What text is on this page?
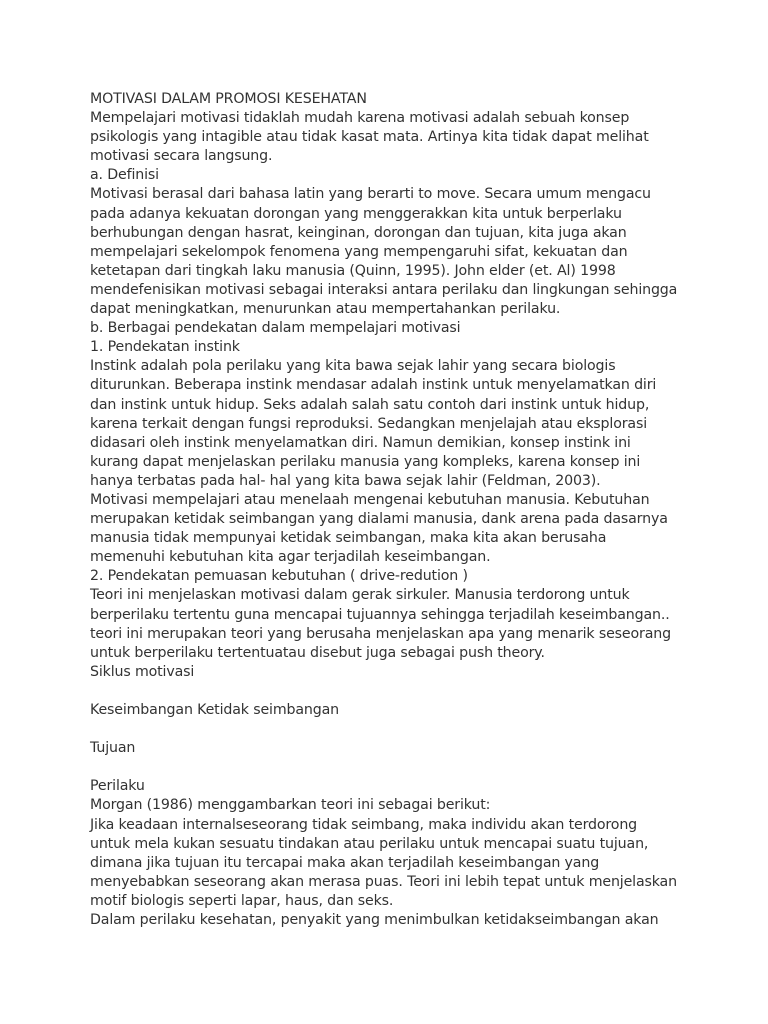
MOTIVASI DALAM PROMOSI KESEHATAN
Mempelajari motivasi tidaklah mudah karena motivasi adalah sebuah konsep
psikologis yang intagible atau tidak kasat mata. Artinya kita tidak dapat melihat
motivasi secara langsung.
a. Definisi
Motivasi berasal dari bahasa latin yang berarti to move. Secara umum mengacu
pada adanya kekuatan dorongan yang menggerakkan kita untuk berperlaku
berhubungan dengan hasrat, keinginan, dorongan dan tujuan, kita juga akan
mempelajari sekelompok fenomena yang mempengaruhi sifat, kekuatan dan
ketetapan dari tingkah laku manusia (Quinn, 1995). John elder (et. Al) 1998
mendefenisikan motivasi sebagai interaksi antara perilaku dan lingkungan sehingga
dapat meningkatkan, menurunkan atau mempertahankan perilaku.
b. Berbagai pendekatan dalam mempelajari motivasi
1. Pendekatan instink
Instink adalah pola perilaku yang kita bawa sejak lahir yang secara biologis
diturunkan. Beberapa instink mendasar adalah instink untuk menyelamatkan diri
dan instink untuk hidup. Seks adalah salah satu contoh dari instink untuk hidup,
karena terkait dengan fungsi reproduksi. Sedangkan menjelajah atau eksplorasi
didasari oleh instink menyelamatkan diri. Namun demikian, konsep instink ini
kurang dapat menjelaskan perilaku manusia yang kompleks, karena konsep ini
hanya terbatas pada hal- hal yang kita bawa sejak lahir (Feldman, 2003).
Motivasi mempelajari atau menelaah mengenai kebutuhan manusia. Kebutuhan
merupakan ketidak seimbangan yang dialami manusia, dank arena pada dasarnya
manusia tidak mempunyai ketidak seimbangan, maka kita akan berusaha
memenuhi kebutuhan kita agar terjadilah keseimbangan.
2. Pendekatan pemuasan kebutuhan ( drive-redution )
Teori ini menjelaskan motivasi dalam gerak sirkuler. Manusia terdorong untuk
berperilaku tertentu guna mencapai tujuannya sehingga terjadilah keseimbangan..
teori ini merupakan teori yang berusaha menjelaskan apa yang menarik seseorang
untuk berperilaku tertentuatau disebut juga sebagai push theory.
Siklus motivasi
Keseimbangan Ketidak seimbangan
Tujuan
Perilaku
Morgan (1986) menggambarkan teori ini sebagai berikut:
Jika keadaan internalseseorang tidak seimbang, maka individu akan terdorong
untuk mela kukan sesuatu tindakan atau perilaku untuk mencapai suatu tujuan,
dimana jika tujuan itu tercapai maka akan terjadilah keseimbangan yang
menyebabkan seseorang akan merasa puas. Teori ini lebih tepat untuk menjelaskan
motif biologis seperti lapar, haus, dan seks.
Dalam perilaku kesehatan, penyakit yang menimbulkan ketidakseimbangan akan
